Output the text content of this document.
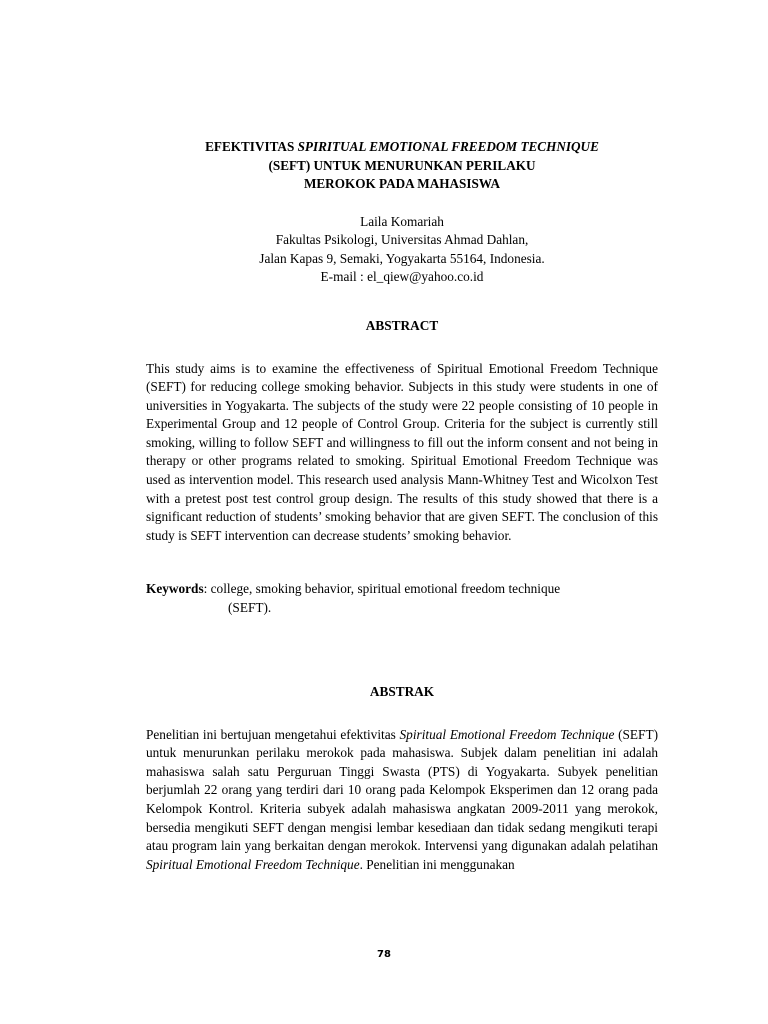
EFEKTIVITAS SPIRITUAL EMOTIONAL FREEDOM TECHNIQUE
(SEFT) UNTUK MENURUNKAN PERILAKU
MEROKOK PADA MAHASISWA
Laila Komariah
Fakultas Psikologi, Universitas Ahmad Dahlan,
Jalan Kapas 9, Semaki, Yogyakarta 55164, Indonesia.
E-mail : el_qiew@yahoo.co.id
ABSTRACT

This study aims is to examine the effectiveness of Spiritual Emotional Freedom Technique (SEFT) for reducing college smoking behavior. Subjects in this study were students in one of universities in Yogyakarta. The subjects of the study were 22 people consisting of 10 people in Experimental Group and 12 people of Control Group. Criteria for the subject is currently still smoking, willing to follow SEFT and willingness to fill out the inform consent and not being in therapy or other programs related to smoking. Spiritual Emotional Freedom Technique was used as intervention model. This research used analysis Mann-Whitney Test and Wicolxon Test with a pretest post test control group design. The results of this study showed that there is a significant reduction of students’ smoking behavior that are given SEFT. The conclusion of this study is SEFT intervention can decrease students’ smoking behavior.

Keywords: college, smoking behavior, spiritual emotional freedom technique
(SEFT).
ABSTRAK

Penelitian ini bertujuan mengetahui efektivitas Spiritual Emotional Freedom Technique (SEFT) untuk menurunkan perilaku merokok pada mahasiswa. Subjek dalam penelitian ini adalah mahasiswa salah satu Perguruan Tinggi Swasta (PTS) di Yogyakarta. Subyek penelitian berjumlah 22 orang yang terdiri dari 10 orang pada Kelompok Eksperimen dan 12 orang pada Kelompok Kontrol. Kriteria subyek adalah mahasiswa angkatan 2009-2011 yang merokok, bersedia mengikuti SEFT dengan mengisi lembar kesediaan dan tidak sedang mengikuti terapi atau program lain yang berkaitan dengan merokok. Intervensi yang digunakan adalah pelatihan Spiritual Emotional Freedom Technique. Penelitian ini menggunakan

78
